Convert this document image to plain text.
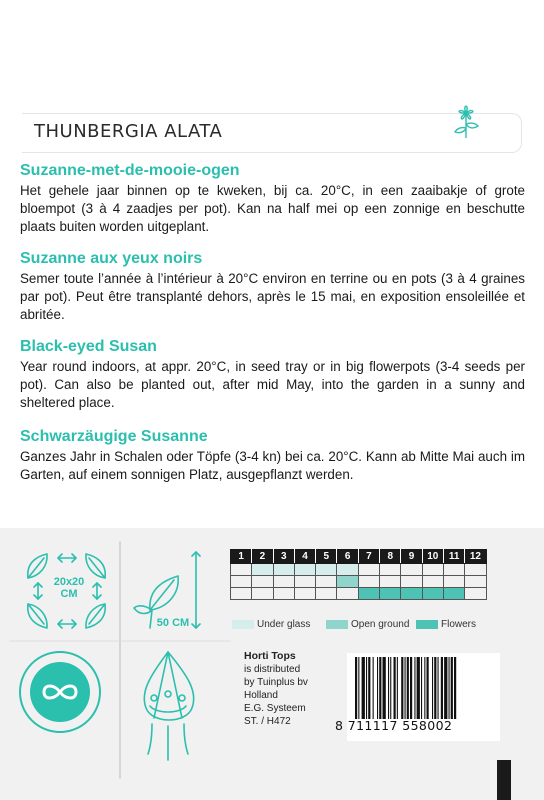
THUNBERGIA ALATA
Suzanne-met-de-mooie-ogen

Het gehele jaar binnen op te kweken, bij ca. 20°C, in een zaaibakje of grote bloempot (3 à 4 zaadjes per pot). Kan na half mei op een zonnige en beschutte plaats buiten worden uitgeplant.

Suzanne aux yeux noirs

Semer toute l’année à l’intérieur à 20°C environ en terrine ou en pots (3 à 4 graines par pot). Peut être transplanté dehors, après le 15 mai, en exposition ensoleillée et abritée.

Black-eyed Susan

Year round indoors, at appr. 20°C, in seed tray or in big flowerpots (3-4 seeds per pot). Can also be planted out, after mid May, into the garden in a sunny and sheltered place.

Schwarzäugige Susanne

Ganzes Jahr in Schalen oder Töpfe (3-4 kn) bei ca. 20°C. Kann ab Mitte Mai auch im Garten, auf einem sonnigen Platz, ausgepflanzt werden.

20x20
CM
50 CM
1	2	3	4	5	6	7	8	9	10	11	12

Under glass	Open ground	Flowers
Horti Tops
is distributed
by Tuinplus bv
Holland
E.G. Systeem
ST. / H472	8 711117 558002
